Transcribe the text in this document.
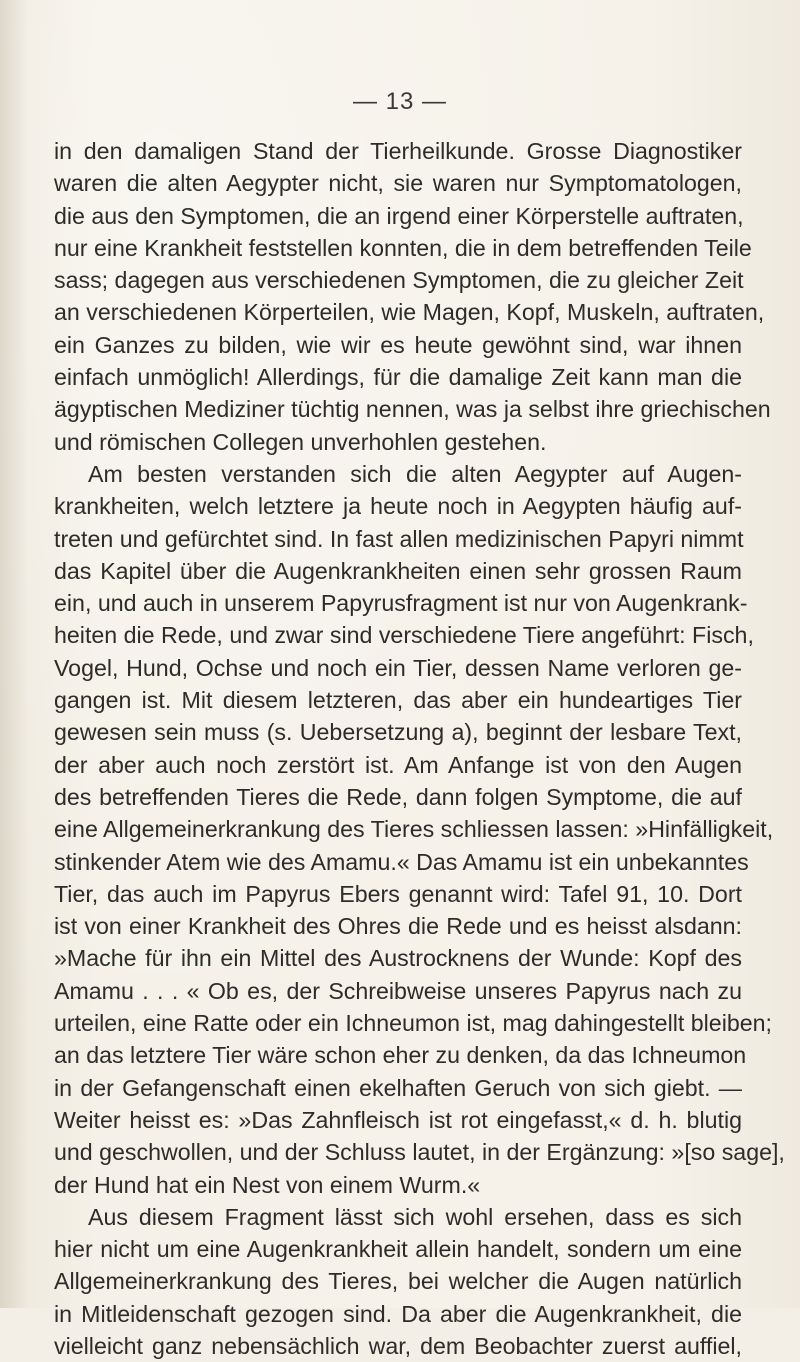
— 13 —

in den damaligen Stand der Tierheilkunde. Grosse Diagnostiker
waren die alten Aegypter nicht, sie waren nur Symptomatologen,
die aus den Symptomen, die an irgend einer Körperstelle auftraten,
nur eine Krankheit feststellen konnten, die in dem betreffenden Teile
sass; dagegen aus verschiedenen Symptomen, die zu gleicher Zeit
an verschiedenen Körperteilen, wie Magen, Kopf, Muskeln, auftraten,
ein Ganzes zu bilden, wie wir es heute gewöhnt sind, war ihnen
einfach unmöglich! Allerdings, für die damalige Zeit kann man die
ägyptischen Mediziner tüchtig nennen, was ja selbst ihre griechischen
und römischen Collegen unverhohlen gestehen.

Am besten verstanden sich die alten Aegypter auf Augen-
krankheiten, welch letztere ja heute noch in Aegypten häufig auf-
treten und gefürchtet sind. In fast allen medizinischen Papyri nimmt
das Kapitel über die Augenkrankheiten einen sehr grossen Raum
ein, und auch in unserem Papyrusfragment ist nur von Augenkrank-
heiten die Rede, und zwar sind verschiedene Tiere angeführt: Fisch,
Vogel, Hund, Ochse und noch ein Tier, dessen Name verloren ge-
gangen ist. Mit diesem letzteren, das aber ein hundeartiges Tier
gewesen sein muss (s. Uebersetzung a), beginnt der lesbare Text,
der aber auch noch zerstört ist. Am Anfange ist von den Augen
des betreffenden Tieres die Rede, dann folgen Symptome, die auf
eine Allgemeinerkrankung des Tieres schliessen lassen: »Hinfälligkeit,
stinkender Atem wie des Amamu.« Das Amamu ist ein unbekanntes
Tier, das auch im Papyrus Ebers genannt wird: Tafel 91, 10. Dort
ist von einer Krankheit des Ohres die Rede und es heisst alsdann:
»Mache für ihn ein Mittel des Austrocknens der Wunde: Kopf des
Amamu . . . « Ob es, der Schreibweise unseres Papyrus nach zu
urteilen, eine Ratte oder ein Ichneumon ist, mag dahingestellt bleiben;
an das letztere Tier wäre schon eher zu denken, da das Ichneumon
in der Gefangenschaft einen ekelhaften Geruch von sich giebt. —
Weiter heisst es: »Das Zahnfleisch ist rot eingefasst,« d. h. blutig
und geschwollen, und der Schluss lautet, in der Ergänzung: »[so sage],
der Hund hat ein Nest von einem Wurm.«

Aus diesem Fragment lässt sich wohl ersehen, dass es sich
hier nicht um eine Augenkrankheit allein handelt, sondern um eine
Allgemeinerkrankung des Tieres, bei welcher die Augen natürlich
in Mitleidenschaft gezogen sind. Da aber die Augenkrankheit, die
vielleicht ganz nebensächlich war, dem Beobachter zuerst auffiel,
